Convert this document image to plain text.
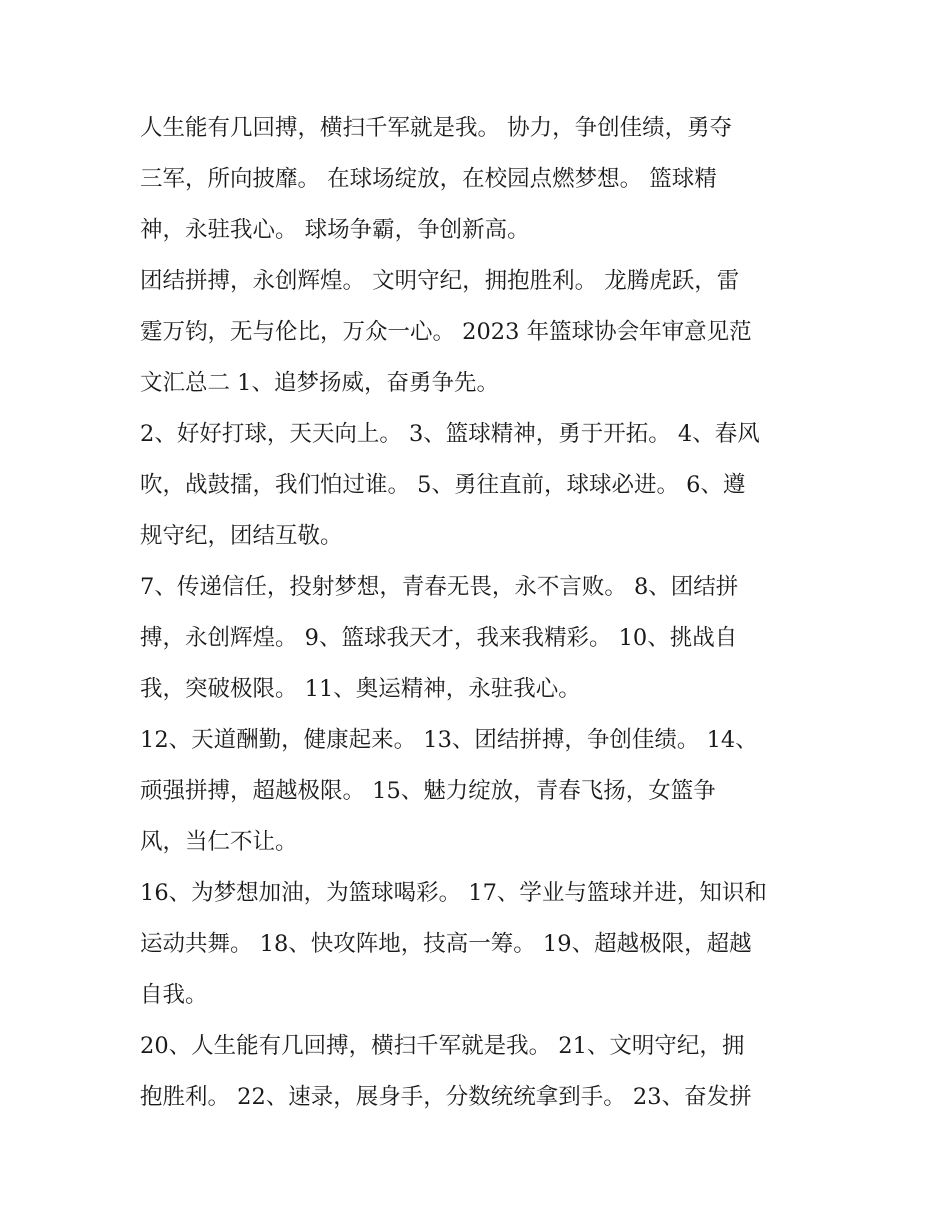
人生能有几回搏，横扫千军就是我。 协力，争创佳绩，勇夺
三军，所向披靡。 在球场绽放，在校园点燃梦想。 篮球精
神，永驻我心。 球场争霸，争创新高。
团结拼搏，永创辉煌。 文明守纪，拥抱胜利。 龙腾虎跃，雷
霆万钧，无与伦比，万众一心。 2023 年篮球协会年审意见范
文汇总二 1、追梦扬威，奋勇争先。
2、好好打球，天天向上。 3、篮球精神，勇于开拓。 4、春风
吹，战鼓擂，我们怕过谁。 5、勇往直前，球球必进。 6、遵
规守纪，团结互敬。
7、传递信任，投射梦想，青春无畏，永不言败。 8、团结拼
搏，永创辉煌。 9、篮球我天才，我来我精彩。 10、挑战自
我，突破极限。 11、奥运精神，永驻我心。
12、天道酬勤，健康起来。 13、团结拼搏，争创佳绩。 14、
顽强拼搏，超越极限。 15、魅力绽放，青春飞扬，女篮争
风，当仁不让。
16、为梦想加油，为篮球喝彩。 17、学业与篮球并进，知识和
运动共舞。 18、快攻阵地，技高一筹。 19、超越极限，超越
自我。
20、人生能有几回搏，横扫千军就是我。 21、文明守纪，拥
抱胜利。 22、速录，展身手，分数统统拿到手。 23、奋发拼
